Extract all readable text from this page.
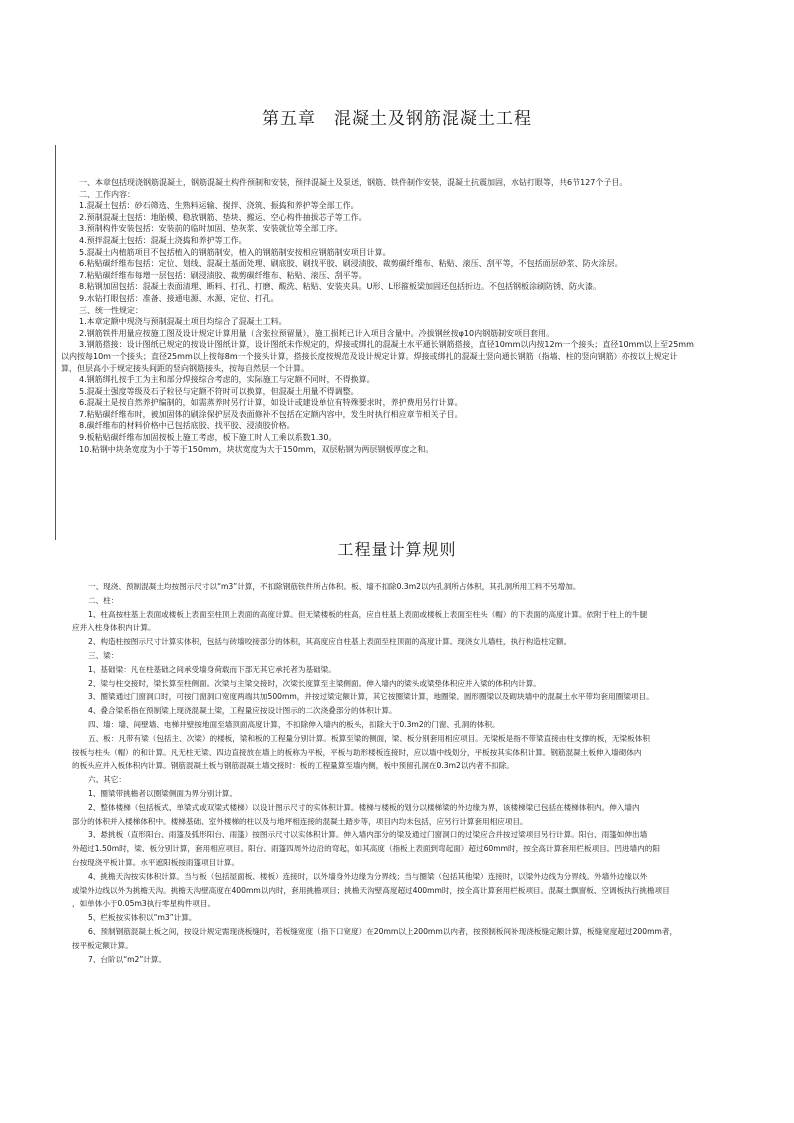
第五章　混凝土及钢筋混凝土工程
一、本章包括现浇钢筋混凝土，钢筋混凝土构件预制和安装，预拌混凝土及泵送，钢筋、铁件制作安装，混凝土抗震加固，水钻打眼等，共6节127个子目。
二、工作内容：
1.混凝土包括：砂石筛选、生熟料运输、搅拌、浇筑、振捣和养护等全部工作。
2.预制混凝土包括：地胎模、稳放钢筋、垫块、搬运、空心构件抽拔芯子等工作。
3.预制构件安装包括：安装前的临时加固、垫灰浆、安装就位等全部工序。
4.预拌混凝土包括：混凝土浇捣和养护等工作。
5.混凝土内植筋项目不包括植入的钢筋制安，植入的钢筋制安按相应钢筋制安项目计算。
6.粘贴碳纤维布包括：定位、划线、混凝土基面处理、刷底胶、刷找平胶、刷浸渍胶、裁剪碳纤维布、粘贴、滚压、刮平等，不包括面层砂浆、防火涂层。
7.粘贴碳纤维布每增一层包括：刷浸渍胶、裁剪碳纤维布、粘贴、滚压、刮平等。
8.粘钢加固包括：混凝土表面清理、断料、打孔、打磨、酸洗、粘贴、安装夹具。U形、L形箍板梁加固还包括折边。不包括钢板涂刷防锈、防火漆。
9.水钻打眼包括：准备、接通电源、水源、定位、打孔。
三、统一性规定：
1.本章定额中现浇与预制混凝土项目均综合了混凝土工料。
2.钢筋铁件用量应按施工图及设计规定计算用量（含张拉预留量），施工损耗已计入项目含量中。冷拔钢丝按φ10内钢筋制安项目套用。
3.钢筋搭接：设计图纸已规定的按设计图纸计算，设计图纸未作规定的，焊接或绑扎的混凝土水平通长钢筋搭接，直径10mm以内按12m一个接头；直径10mm以上至25mm
以内按每10m一个接头；直径25mm以上按每8m一个接头计算，搭接长度按规范及设计规定计算。焊接或绑扎的混凝土竖向通长钢筋（指墙、柱的竖向钢筋）亦按以上规定计
算，但层高小于规定接头间距的竖向钢筋接头，按每自然层一个计算。
4.钢筋绑扎按手工为主和部分焊接综合考虑的，实际施工与定额不同时，不得换算。
5.混凝土强度等级及石子粒径与定额不符时可以换算，但混凝土用量不得调整。
6.混凝土是按自然养护编制的，如需蒸养时另行计算，如设计或建设单位有特殊要求时，养护费用另行计算。
7.粘贴碳纤维布时，被加固体的刷涂保护层及表面修补不包括在定额内容中，发生时执行相应章节相关子目。
8.碳纤维布的材料价格中已包括底胶、找平胶、浸渍胶价格。
9.板粘贴碳纤维布加固按板上施工考虑，板下施工时人工乘以系数1.30。
10.粘钢中块条宽度为小于等于150mm，块状宽度为大于150mm，双层粘钢为两层钢板厚度之和。
工程量计算规则
一、现浇、预制混凝土均按图示尺寸以“m3”计算，不扣除钢筋铁件所占体积。板、墙不扣除0.3m2以内孔洞所占体积，其孔洞所用工料不另增加。
二、柱：
1、柱高按柱基上表面或楼板上表面至柱顶上表面的高度计算。但无梁楼板的柱高，应自柱基上表面或楼板上表面至柱头（帽）的下表面的高度计算。依附于柱上的牛腿
应并入柱身体积内计算。
2、构造柱按图示尺寸计算实体积，包括与砖墙咬接部分的体积，其高度应自柱基上表面至柱顶面的高度计算。现浇女儿墙柱，执行构造柱定额。
三、梁：
1、基础梁：凡在柱基础之间承受墙身荷载而下部无其它承托者为基础梁。
2、梁与柱交接时，梁长算至柱侧面。次梁与主梁交接时，次梁长度算至主梁侧面。伸入墙内的梁头或梁垫体积应并入梁的体积内计算。
3、圈梁通过门窗洞口时，可按门窗洞口宽度两端共加500mm，并按过梁定额计算，其它按圈梁计算，地圈梁、圆形圈梁以及砌块墙中的混凝土水平带均套用圈梁项目。
4、叠合梁系指在预制梁上现浇混凝土梁，工程量应按设计图示的二次浇叠部分的体积计算。
四、墙：墙、间壁墙、电梯井壁按地面至墙顶面高度计算，不扣除伸入墙内的板头，扣除大于0.3m2的门窗、孔洞的体积。
五、板：凡带有梁（包括主、次梁）的楼板，梁和板的工程量分别计算。板算至梁的侧面，梁、板分别套用相应项目。无梁板是指不带梁直接由柱支撑的板，无梁板体积
按板与柱头（帽）的和计算。凡无柱无梁、四边直接放在墙上的板称为平板，平板与助形楼板连接时，应以墙中线划分，平板按其实体积计算。钢筋混凝土板伸入墙砌体内
的板头应并入板体积内计算。钢筋混凝土板与钢筋混凝土墙交接时：板的工程量算至墙内侧，板中预留孔洞在0.3m2以内者不扣除。
六、其它：
1、圈梁带挑檐者以圈梁侧面为界分别计算。
2、整体楼梯（包括板式、单梁式或双梁式楼梯）以设计图示尺寸的实体积计算。楼梯与楼板的划分以楼梯梁的外边缘为界，该楼梯梁已包括在楼梯体积内。伸入墙内
部分的体积并入楼梯体积中。楼梯基础、室外楼梯的柱以及与地坪相连接的混凝土踏步等，项目内均未包括，应另行计算套用相应项目。
3、悬挑板（直形阳台、雨篷及弧形阳台、雨篷）按图示尺寸以实体积计算。伸入墙内部分的梁及通过门窗洞口的过梁应合并按过梁项目另行计算。阳台、雨篷如伸出墙
外超过1.50m时，梁、板分别计算，套用相应项目。阳台、雨篷四周外边沿的弯起，如其高度（指板上表面到弯起面）超过60mm时，按全高计算套用栏板项目。凹进墙内的阳
台按现浇平板计算。水平遮阳板按雨篷项目计算。
4、挑檐天沟按实体积计算。当与板（包括屋面板、楼板）连接时，以外墙身外边缘为分界线；当与圈梁（包括其他梁）连接时，以梁外边线为分界线。外墙外边缘以外
或梁外边线以外为挑檐天沟。挑檐天沟壁高度在400mm以内时，套用挑檐项目；挑檐天沟壁高度超过400mm时，按全高计算套用栏板项目。混凝土飘窗板、空调板执行挑檐项目
，如单体小于0.05m3执行零星构件项目。
5、栏板按实体积以“m3”计算。
6、预制钢筋混凝土板之间，按设计规定需现浇板缝时，若板缝宽度（指下口宽度）在20mm以上200mm以内者，按预制板间补现浇板缝定额计算，板缝宽度超过200mm者，
按平板定额计算。
7、台阶以“m2”计算。
